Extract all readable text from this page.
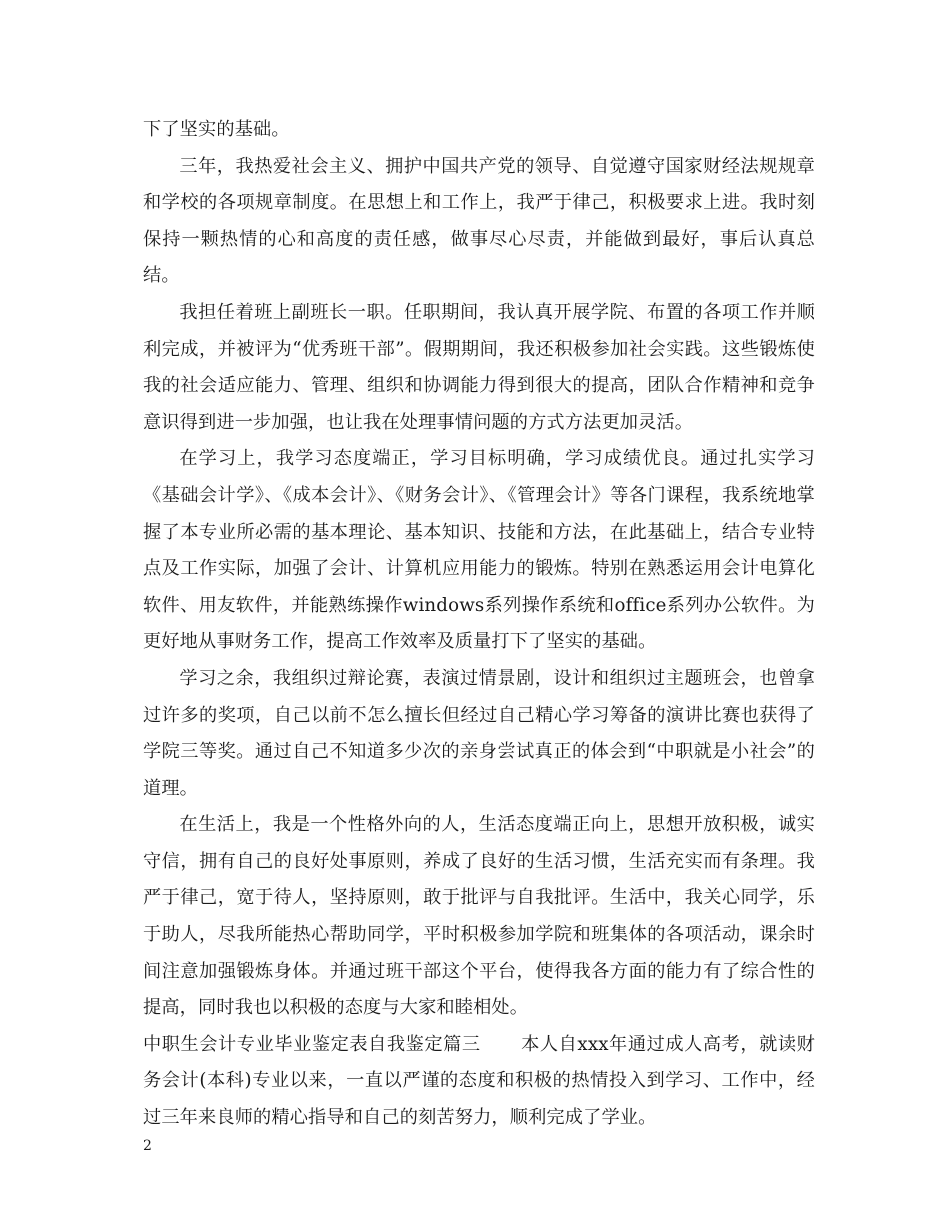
下了坚实的基础。

三年，我热爱社会主义、拥护中国共产党的领导、自觉遵守国家财经法规规章和学校的各项规章制度。在思想上和工作上，我严于律己，积极要求上进。我时刻保持一颗热情的心和高度的责任感，做事尽心尽责，并能做到最好，事后认真总结。

我担任着班上副班长一职。任职期间，我认真开展学院、布置的各项工作并顺利完成，并被评为“优秀班干部”。假期期间，我还积极参加社会实践。这些锻炼使我的社会适应能力、管理、组织和协调能力得到很大的提高，团队合作精神和竞争意识得到进一步加强，也让我在处理事情问题的方式方法更加灵活。

在学习上，我学习态度端正，学习目标明确，学习成绩优良。通过扎实学习《基础会计学》、《成本会计》、《财务会计》、《管理会计》等各门课程，我系统地掌握了本专业所必需的基本理论、基本知识、技能和方法，在此基础上，结合专业特点及工作实际，加强了会计、计算机应用能力的锻炼。特别在熟悉运用会计电算化软件、用友软件，并能熟练操作windows系列操作系统和office系列办公软件。为更好地从事财务工作，提高工作效率及质量打下了坚实的基础。

学习之余，我组织过辩论赛，表演过情景剧，设计和组织过主题班会，也曾拿过许多的奖项，自己以前不怎么擅长但经过自己精心学习筹备的演讲比赛也获得了学院三等奖。通过自己不知道多少次的亲身尝试真正的体会到“中职就是小社会”的道理。

在生活上，我是一个性格外向的人，生活态度端正向上，思想开放积极，诚实守信，拥有自己的良好处事原则，养成了良好的生活习惯，生活充实而有条理。我严于律己，宽于待人，坚持原则，敢于批评与自我批评。生活中，我关心同学，乐于助人，尽我所能热心帮助同学，平时积极参加学院和班集体的各项活动，课余时间注意加强锻炼身体。并通过班干部这个平台，使得我各方面的能力有了综合性的提高，同时我也以积极的态度与大家和睦相处。

中职生会计专业毕业鉴定表自我鉴定篇三 本人自xxx年通过成人高考，就读财务会计(本科)专业以来，一直以严谨的态度和积极的热情投入到学习、工作中，经过三年来良师的精心指导和自己的刻苦努力，顺利完成了学业。

2
